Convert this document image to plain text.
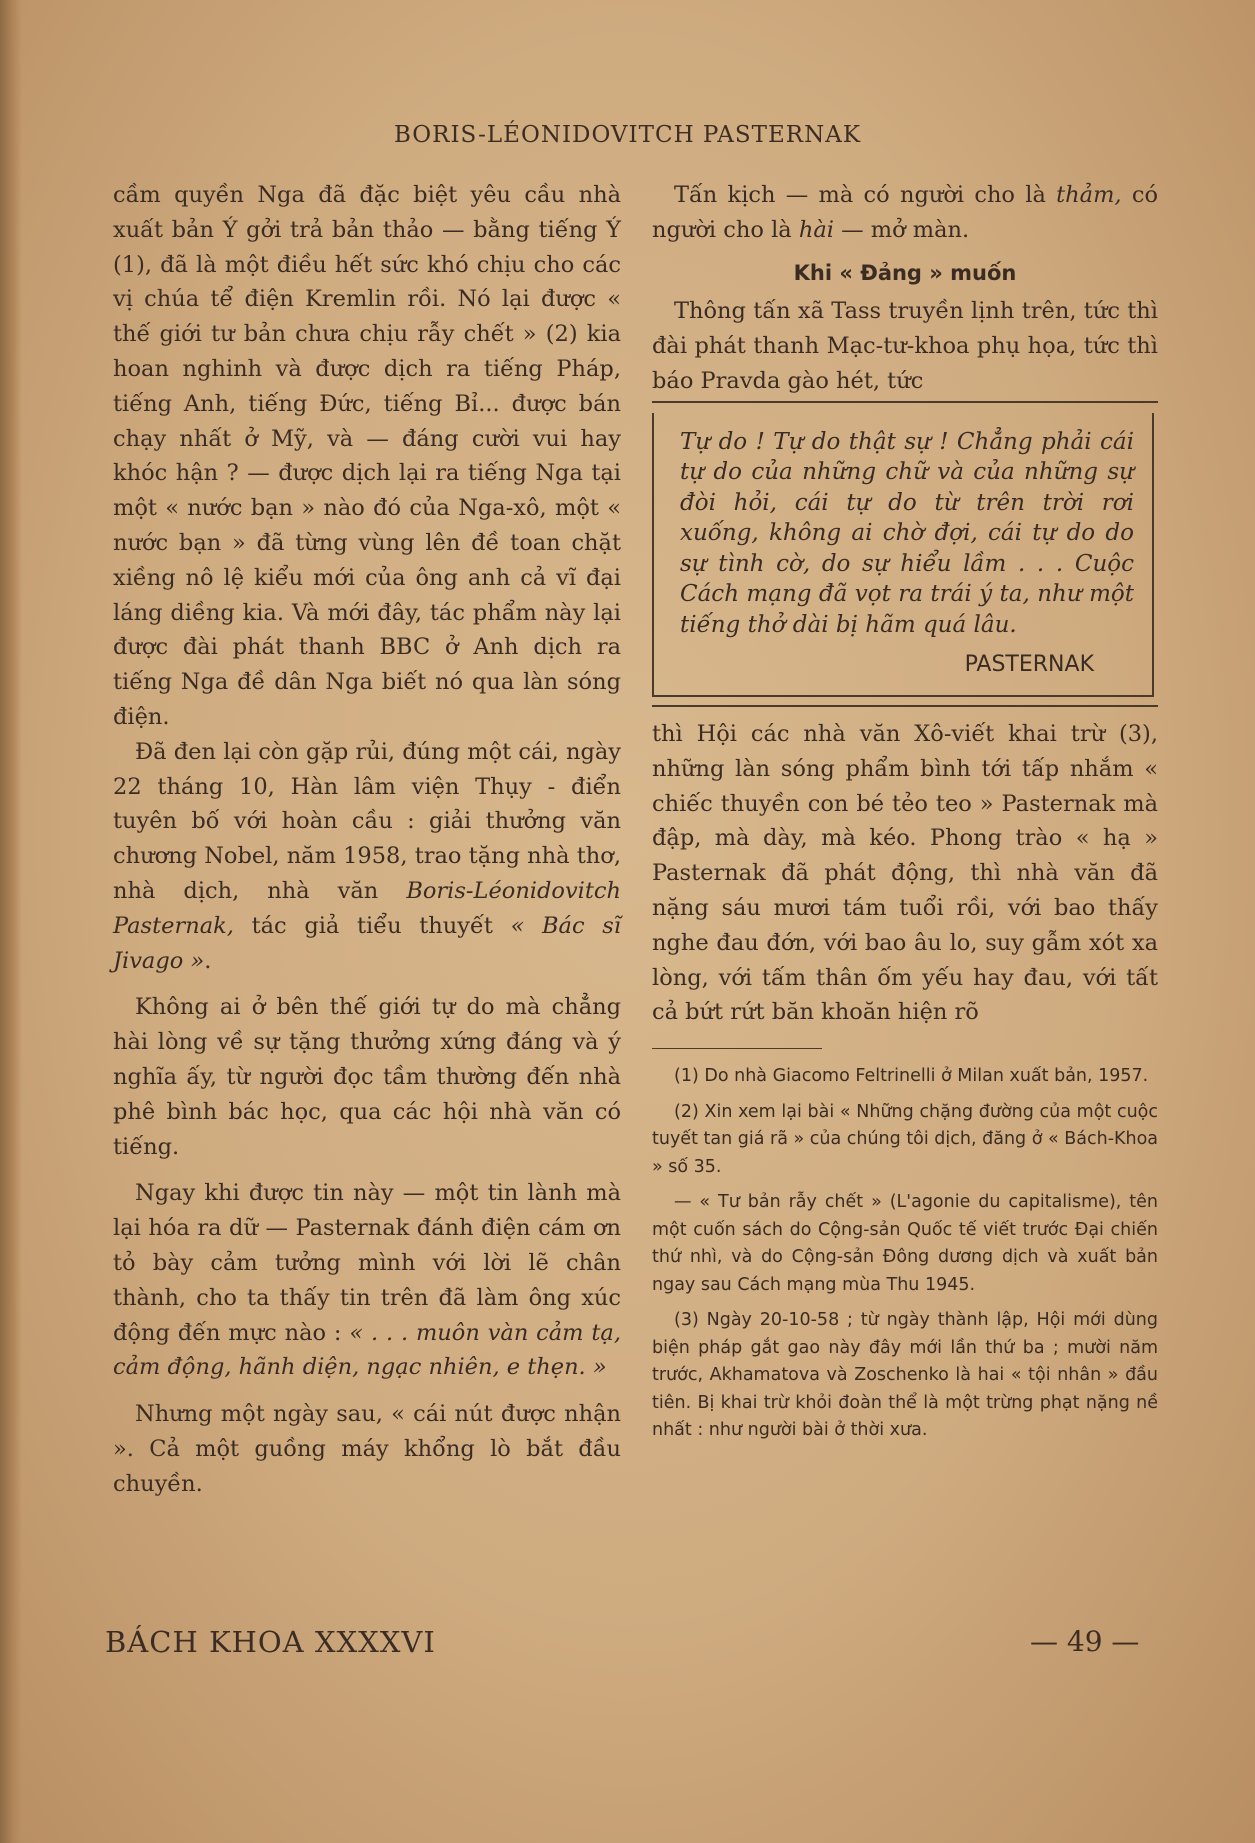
BORIS-LÉONIDOVITCH PASTERNAK

cầm quyền Nga đã đặc biệt yêu cầu nhà xuất bản Ý gởi trả bản thảo — bằng tiếng Ý (1), đã là một điều hết sức khó chịu cho các vị chúa tể điện Kremlin rồi. Nó lại được « thế giới tư bản chưa chịu rẫy chết » (2) kia hoan nghinh và được dịch ra tiếng Pháp, tiếng Anh, tiếng Đức, tiếng Bỉ... được bán chạy nhất ở Mỹ, và — đáng cười vui hay khóc hận ? — được dịch lại ra tiếng Nga tại một « nước bạn » nào đó của Nga-xô, một « nước bạn » đã từng vùng lên đề toan chặt xiềng nô lệ kiểu mới của ông anh cả vĩ đại láng diềng kia. Và mới đây, tác phẩm này lại được đài phát thanh BBC ở Anh dịch ra tiếng Nga đề dân Nga biết nó qua làn sóng điện.

Đã đen lại còn gặp rủi, đúng một cái, ngày 22 tháng 10, Hàn lâm viện Thụy - điển tuyên bố với hoàn cầu : giải thưởng văn chương Nobel, năm 1958, trao tặng nhà thơ, nhà dịch, nhà văn Boris-Léonidovitch Pasternak, tác giả tiểu thuyết « Bác sĩ Jivago ».

Không ai ở bên thế giới tự do mà chẳng hài lòng về sự tặng thưởng xứng đáng và ý nghĩa ấy, từ người đọc tầm thường đến nhà phê bình bác học, qua các hội nhà văn có tiếng.

Ngay khi được tin này — một tin lành mà lại hóa ra dữ — Pasternak đánh điện cám ơn tỏ bày cảm tưởng mình với lời lẽ chân thành, cho ta thấy tin trên đã làm ông xúc động đến mực nào : « . . . muôn vàn cảm tạ, cảm động, hãnh diện, ngạc nhiên, e thẹn. »

Nhưng một ngày sau, « cái nút được nhận ». Cả một guồng máy khổng lò bắt đầu chuyền.

Tấn kịch — mà có người cho là thảm, có người cho là hài — mở màn.

Khi « Đảng » muốn

Thông tấn xã Tass truyền lịnh trên, tức thì đài phát thanh Mạc-tư-khoa phụ họa, tức thì báo Pravda gào hét, tức

Tự do ! Tự do thật sự ! Chẳng phải cái tự do của những chữ và của những sự đòi hỏi, cái tự do từ trên trời rơi xuống, không ai chờ đợi, cái tự do do sự tình cờ, do sự hiểu lầm . . . Cuộc Cách mạng đã vọt ra trái ý ta, như một tiếng thở dài bị hãm quá lâu.
PASTERNAK

thì Hội các nhà văn Xô-viết khai trừ (3), những làn sóng phẩm bình tới tấp nhắm « chiếc thuyền con bé tẻo teo » Pasternak mà đập, mà dày, mà kéo. Phong trào « hạ » Pasternak đã phát động, thì nhà văn đã nặng sáu mươi tám tuổi rồi, với bao thấy nghe đau đớn, với bao âu lo, suy gẫm xót xa lòng, với tấm thân ốm yếu hay đau, với tất cả bứt rứt băn khoăn hiện rõ

(1) Do nhà Giacomo Feltrinelli ở Milan xuất bản, 1957.

(2) Xin xem lại bài « Những chặng đường của một cuộc tuyết tan giá rã » của chúng tôi dịch, đăng ở « Bách-Khoa » số 35.

— « Tư bản rẫy chết » (L'agonie du capitalisme), tên một cuốn sách do Cộng-sản Quốc tế viết trước Đại chiến thứ nhì, và do Cộng-sản Đông dương dịch và xuất bản ngay sau Cách mạng mùa Thu 1945.

(3) Ngày 20-10-58 ; từ ngày thành lập, Hội mới dùng biện pháp gắt gao này đây mới lần thứ ba ; mười năm trước, Akhamatova và Zoschenko là hai « tội nhân » đầu tiên. Bị khai trừ khỏi đoàn thể là một trừng phạt nặng nề nhất : như người bài ở thời xưa.

BÁCH KHOA XXXXVI	— 49 —
